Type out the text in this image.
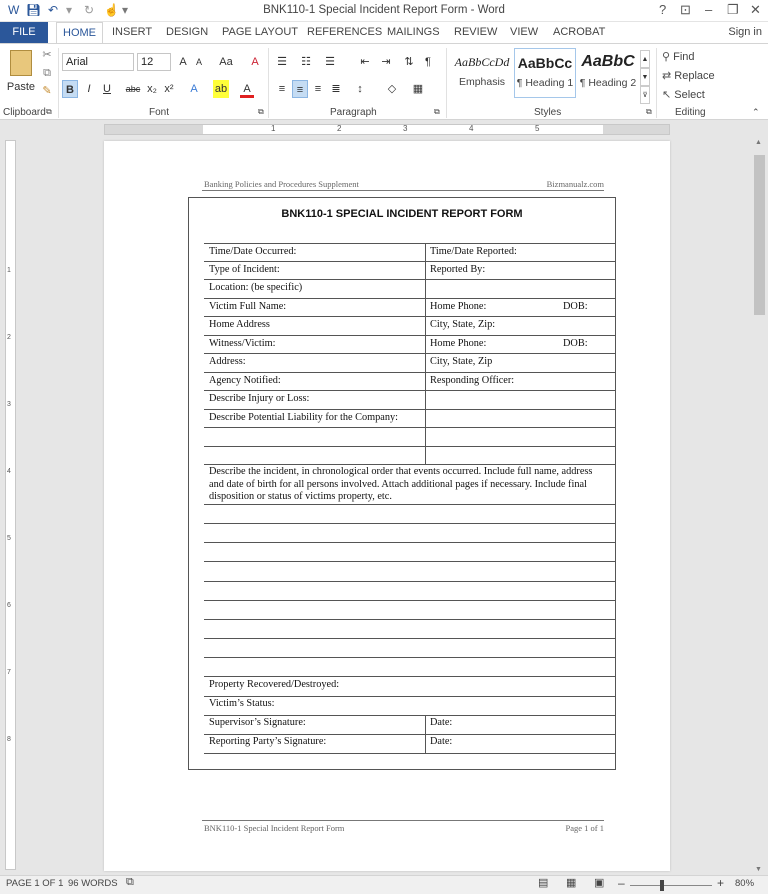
W 💾︎ ↶ ▾ ↻ ☝ ▾	BNK110-1 Special Incident Report Form - Word	? ⊡ – ❐ ✕
FILE	HOME	INSERT DESIGN PAGE LAYOUT REFERENCES MAILINGS REVIEW VIEW ACROBAT	Sign in
Paste
✂
⧉
✎
Clipboard ⧉
Arial	12	A	A	Aa	A
B	I	U	abc x₂ x²	A	ab	A
Font	⧉
☰ ☷ ☰	⇤	⇥	⇅	¶
≡	≡	≡ ≣	↕	◇	▦
Paragraph	⧉
AaBbCcDd
Emphasis
AaBbCc
¶ Heading 1
AaBbC
¶ Heading 2
▲
▼
⊽
Styles	⧉
⚲ Find
⇄ Replace
↖ Select
Editing	⌃
1	2	3	4	5
1
2
3
4
5
6
7
8
▲
▼
Banking Policies and Procedures Supplement	Bizmanualz.com
BNK110-1 SPECIAL INCIDENT REPORT FORM
Time/Date Occurred:	Time/Date Reported:
Type of Incident:	Reported By:
Location: (be specific)
Victim Full Name:	Home Phone:	DOB:
Home Address	City, State, Zip:
Witness/Victim:	Home Phone:	DOB:
Address:	City, State, Zip
Agency Notified:	Responding Officer:
Describe Injury or Loss:
Describe Potential Liability for the Company:
Describe the incident, in chronological order that events occurred. Include full name, address and date of birth for all persons involved. Attach additional pages if necessary. Include final disposition or status of victims property, etc.
Property Recovered/Destroyed:
Victim’s Status:
Supervisor’s Signature:	Date:
Reporting Party’s Signature:	Date:
BNK110-1 Special Incident Report Form	Page 1 of 1
PAGE 1 OF 1 96 WORDS ⧉	▤ ▦ ▣ –	+ 80%
